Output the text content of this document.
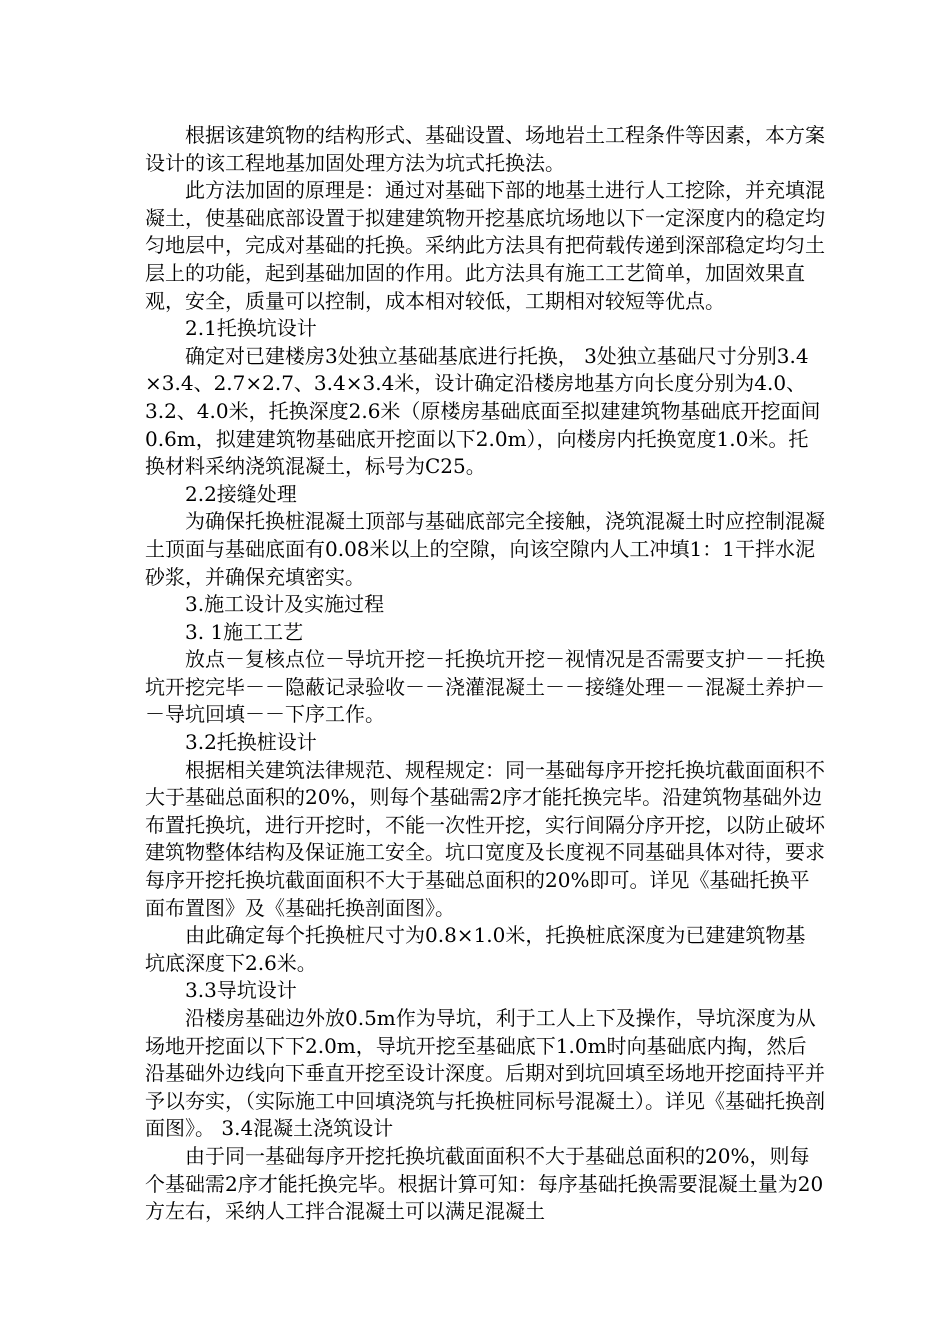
根据该建筑物的结构形式、基础设置、场地岩土工程条件等因素，本方案设计的该工程地基加固处理方法为坑式托换法。

此方法加固的原理是：通过对基础下部的地基土进行人工挖除，并充填混凝土，使基础底部设置于拟建建筑物开挖基底坑场地以下一定深度内的稳定均匀地层中，完成对基础的托换。采纳此方法具有把荷载传递到深部稳定均匀土层上的功能，起到基础加固的作用。此方法具有施工工艺简单，加固效果直观，安全，质量可以控制，成本相对较低，工期相对较短等优点。

2.1托换坑设计

确定对已建楼房3处独立基础基底进行托换， 3处独立基础尺寸分别3.4×3.4、2.7×2.7、3.4×3.4米，设计确定沿楼房地基方向长度分别为4.0、3.2、4.0米，托换深度2.6米（原楼房基础底面至拟建建筑物基础底开挖面间0.6m，拟建建筑物基础底开挖面以下2.0m），向楼房内托换宽度1.0米。托换材料采纳浇筑混凝土，标号为C25。

2.2接缝处理

为确保托换桩混凝土顶部与基础底部完全接触，浇筑混凝土时应控制混凝土顶面与基础底面有0.08米以上的空隙，向该空隙内人工冲填1：1干拌水泥砂浆，并确保充填密实。

3.施工设计及实施过程

3. 1施工工艺

放点－复核点位－导坑开挖－托换坑开挖－视情况是否需要支护－－托换坑开挖完毕－－隐蔽记录验收－－浇灌混凝土－－接缝处理－－混凝土养护－－导坑回填－－下序工作。

3.2托换桩设计

根据相关建筑法律规范、规程规定：同一基础每序开挖托换坑截面面积不大于基础总面积的20%，则每个基础需2序才能托换完毕。沿建筑物基础外边布置托换坑，进行开挖时，不能一次性开挖，实行间隔分序开挖，以防止破坏建筑物整体结构及保证施工安全。坑口宽度及长度视不同基础具体对待，要求每序开挖托换坑截面面积不大于基础总面积的20%即可。详见《基础托换平面布置图》及《基础托换剖面图》。

由此确定每个托换桩尺寸为0.8×1.0米，托换桩底深度为已建建筑物基坑底深度下2.6米。

3.3导坑设计

沿楼房基础边外放0.5m作为导坑，利于工人上下及操作，导坑深度为从场地开挖面以下下2.0m，导坑开挖至基础底下1.0m时向基础底内掏，然后沿基础外边线向下垂直开挖至设计深度。后期对到坑回填至场地开挖面持平并予以夯实，（实际施工中回填浇筑与托换桩同标号混凝土）。详见《基础托换剖面图》。 3.4混凝土浇筑设计

由于同一基础每序开挖托换坑截面面积不大于基础总面积的20%，则每个基础需2序才能托换完毕。根据计算可知：每序基础托换需要混凝土量为20方左右，采纳人工拌合混凝土可以满足混凝土
